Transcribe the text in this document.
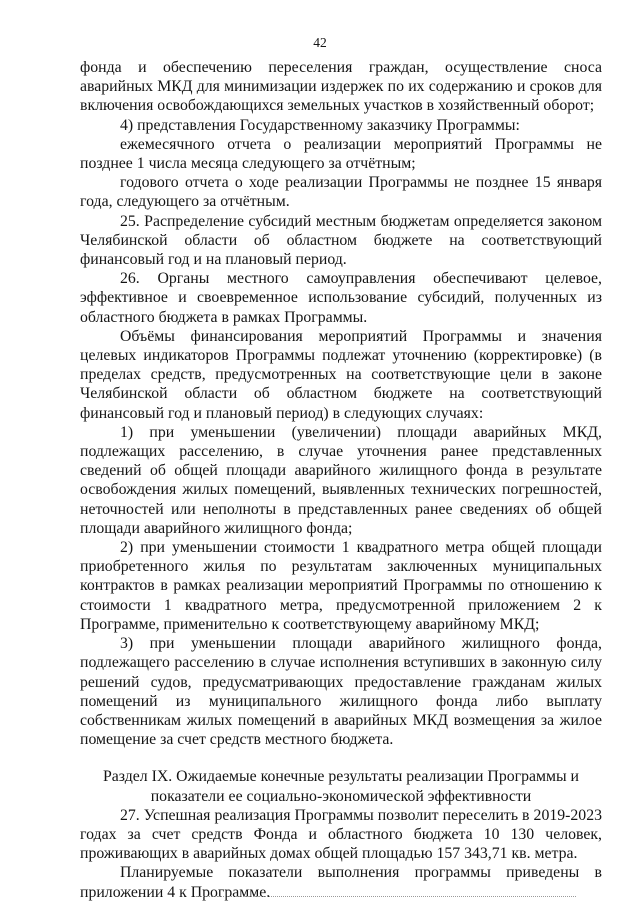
42

фонда и обеспечению переселения граждан, осуществление сноса аварийных МКД для минимизации издержек по их содержанию и сроков для включения освобождающихся земельных участков в хозяйственный оборот;

4) представления Государственному заказчику Программы:

ежемесячного отчета о реализации мероприятий Программы не позднее 1 числа месяца следующего за отчётным;

годового отчета о ходе реализации Программы не позднее 15 января года, следующего за отчётным.

25. Распределение субсидий местным бюджетам определяется законом Челябинской области об областном бюджете на соответствующий финансовый год и на плановый период.

26. Органы местного самоуправления обеспечивают целевое, эффективное и своевременное использование субсидий, полученных из областного бюджета в рамках Программы.

Объёмы финансирования мероприятий Программы и значения целевых индикаторов Программы подлежат уточнению (корректировке) (в пределах средств, предусмотренных на соответствующие цели в законе Челябинской области об областном бюджете на соответствующий финансовый год и плановый период) в следующих случаях:

1) при уменьшении (увеличении) площади аварийных МКД, подлежащих расселению, в случае уточнения ранее представленных сведений об общей площади аварийного жилищного фонда в результате освобождения жилых помещений, выявленных технических погрешностей, неточностей или неполноты в представленных ранее сведениях об общей площади аварийного жилищного фонда;

2) при уменьшении стоимости 1 квадратного метра общей площади приобретенного жилья по результатам заключенных муниципальных контрактов в рамках реализации мероприятий Программы по отношению к стоимости 1 квадратного метра, предусмотренной приложением 2 к Программе, применительно к соответствующему аварийному МКД;

3) при уменьшении площади аварийного жилищного фонда, подлежащего расселению в случае исполнения вступивших в законную силу решений судов, предусматривающих предоставление гражданам жилых помещений из муниципального жилищного фонда либо выплату собственникам жилых помещений в аварийных МКД возмещения за жилое помещение за счет средств местного бюджета.

Раздел IX. Ожидаемые конечные результаты реализации Программы и показатели ее социально-экономической эффективности

27. Успешная реализация Программы позволит переселить в 2019-2023 годах за счет средств Фонда и областного бюджета 10 130 человек, проживающих в аварийных домах общей площадью 157 343,71 кв. метра.

Планируемые показатели выполнения программы приведены в приложении 4 к Программе.
